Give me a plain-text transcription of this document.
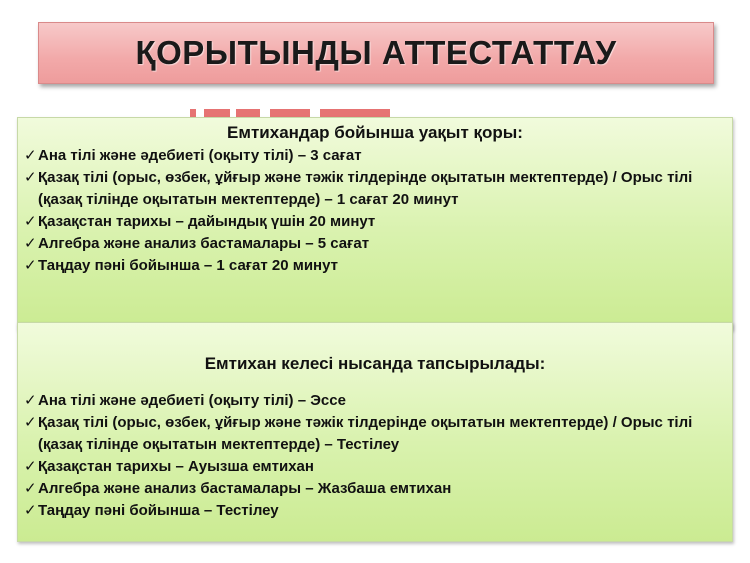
ҚОРЫТЫНДЫ АТТЕСТАТТАУ
Емтихандар бойынша уақыт қоры:
✓ Ана тілі және әдебиеті (оқыту тілі) – 3 сағат
✓ Қазақ тілі (орыс, өзбек, ұйғыр және тәжік тілдерінде оқытатын мектептерде) / Орыс тілі (қазақ тілінде оқытатын мектептерде) – 1 сағат 20 минут
✓ Қазақстан тарихы – дайындық үшін 20 минут
✓ Алгебра және анализ бастамалары – 5 сағат
✓ Таңдау пәні бойынша – 1 сағат 20 минут
Емтихан келесі нысанда тапсырылады:
✓ Ана тілі және әдебиеті (оқыту тілі) – Эссе
✓ Қазақ тілі (орыс, өзбек, ұйғыр және тәжік тілдерінде оқытатын мектептерде) / Орыс тілі (қазақ тілінде оқытатын мектептерде) – Тестілеу
✓ Қазақстан тарихы – Ауызша емтихан
✓ Алгебра және анализ бастамалары – Жазбаша емтихан
✓ Таңдау пәні бойынша – Тестілеу
